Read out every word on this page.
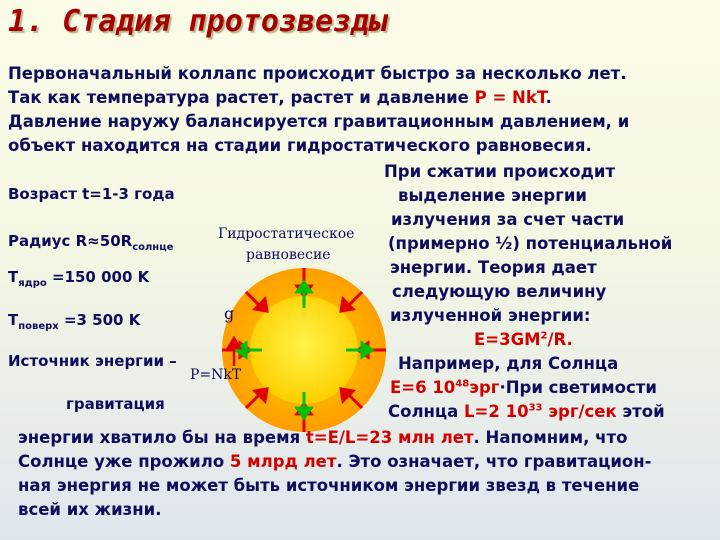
1. Стадия протозвезды
Первоначальный коллапс происходит быстро за несколько лет.
Так как температура растет, растет и давление P = NkT.
Давление наружу балансируется гравитационным давлением, и
объект находится на стадии гидростатического равновесия.
Возраст t=1-3 года
Радиус $R\approx 50R_{солнце}$
$T_{ядро} =150$ 000 K
$T_{поверх} =3$ 500 K
Источник энергии –
гравитация
Гидростатическое
равновесие
g
P=NkT
При сжатии происходит
выделение энергии
излучения за счет части
(примерно ½) потенциальной
энергии. Теория дает
следующую величину
излученной энергии:
$E=3GM^2/R$.
Например, для Солнца
E=6 $10^{48}эрг\cdot При$ светимости
Солнца L=2 $10^{33}$ эрг/сек этой
энергии хватило бы на время t=E/L=23 млн лет. Напомним, что
Солнце уже прожило 5 млрд лет. Это означает, что гравитацион-
ная энергия не может быть источником энергии звезд в течение
всей их жизни.
